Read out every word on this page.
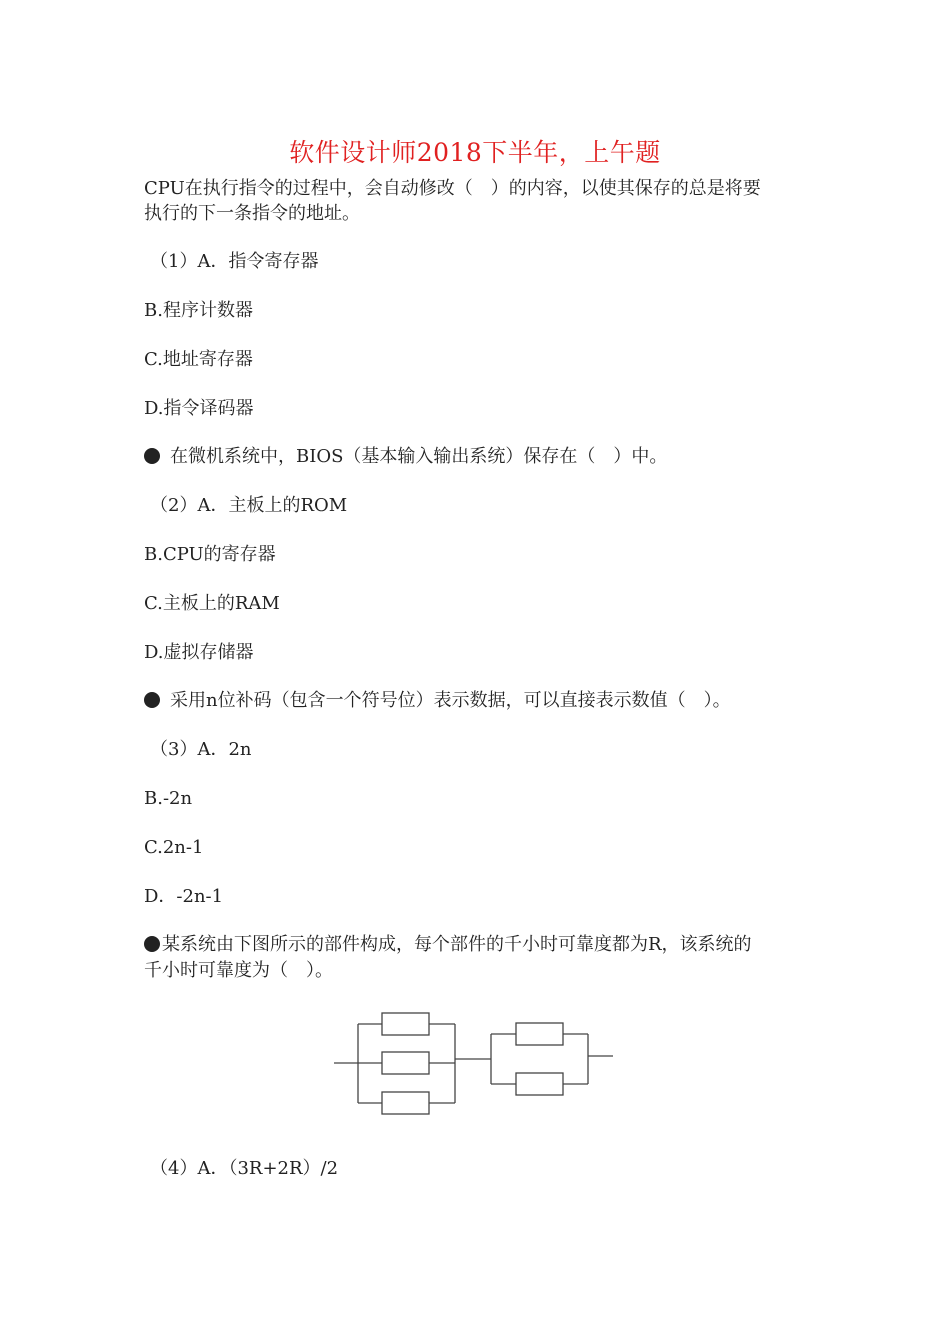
软件设计师2018下半年，上午题
CPU在执行指令的过程中，会自动修改（　）的内容，以使其保存的总是将要
执行的下一条指令的地址。
（1）A．指令寄存器
B.程序计数器
C.地址寄存器
D.指令译码器
在微机系统中，BIOS（基本输入输出系统）保存在（　）中。
（2）A．主板上的ROM
B.CPU的寄存器
C.主板上的RAM
D.虚拟存储器
采用n位补码（包含一个符号位）表示数据，可以直接表示数值（　）。
（3）A．2n
B.-2n
C.2n-1
D．-2n-1
某系统由下图所示的部件构成，每个部件的千小时可靠度都为R，该系统的
千小时可靠度为（　）。
（4）A．（3R+2R）/2
